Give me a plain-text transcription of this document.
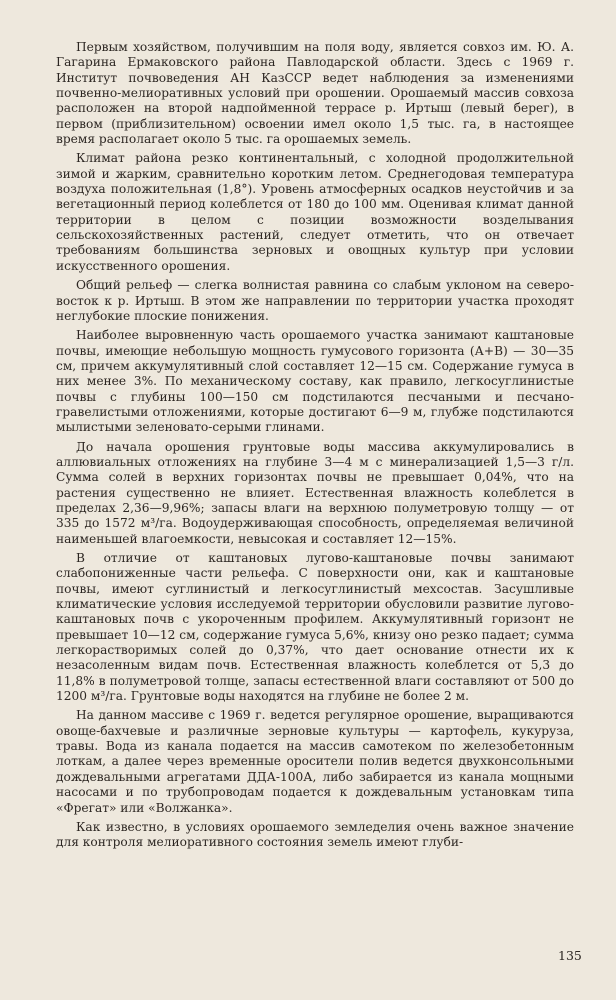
Первым хозяйством, получившим на поля воду, является совхоз им. Ю. А. Гагарина Ермаковского района Павлодарской области. Здесь с 1969 г. Институт почвоведения АН КазССР ведет наблюдения за изменениями почвенно-мелиоративных условий при орошении. Орошаемый массив совхоза расположен на второй надпойменной террасе р. Иртыш (левый берег), в первом (приблизительном) освоении имел около 1,5 тыс. га, в настоящее время располагает около 5 тыс. га орошаемых земель.

Климат района резко континентальный, с холодной продолжительной зимой и жарким, сравнительно коротким летом. Среднегодовая температура воздуха положительная (1,8°). Уровень атмосферных осадков неустойчив и за вегетационный период колеблется от 180 до 100 мм. Оценивая климат данной территории в целом с позиции возможности возделывания сельскохозяйственных растений, следует отметить, что он отвечает требованиям большинства зерновых и овощных культур при условии искусственного орошения.

Общий рельеф — слегка волнистая равнина со слабым уклоном на северо-восток к р. Иртыш. В этом же направлении по территории участка проходят неглубокие плоские понижения.

Наиболее выровненную часть орошаемого участка занимают каштановые почвы, имеющие небольшую мощность гумусового горизонта (А+В) — 30—35 см, причем аккумулятивный слой составляет 12—15 см. Содержание гумуса в них менее 3%. По механическому составу, как правило, легкосуглинистые почвы с глубины 100—150 см подстилаются песчаными и песчано-гравелистыми отложениями, которые достигают 6—9 м, глубже подстилаются мылистыми зеленовато-серыми глинами.

До начала орошения грунтовые воды массива аккумулировались в аллювиальных отложениях на глубине 3—4 м с минерализацией 1,5—3 г/л. Сумма солей в верхних горизонтах почвы не превышает 0,04%, что на растения существенно не влияет. Естественная влажность колеблется в пределах 2,36—9,96%; запасы влаги на верхнюю полуметровую толщу — от 335 до 1572 м³/га. Водоудерживающая способность, определяемая величиной наименьшей влагоемкости, невысокая и составляет 12—15%.

В отличие от каштановых лугово-каштановые почвы занимают слабопониженные части рельефа. С поверхности они, как и каштановые почвы, имеют суглинистый и легкосуглинистый мехсостав. Засушливые климатические условия исследуемой территории обусловили развитие лугово-каштановых почв с укороченным профилем. Аккумулятивный горизонт не превышает 10—12 см, содержание гумуса 5,6%, книзу оно резко падает; сумма легкорастворимых солей до 0,37%, что дает основание отнести их к незасоленным видам почв. Естественная влажность колеблется от 5,3 до 11,8% в полуметровой толще, запасы естественной влаги составляют от 500 до 1200 м³/га. Грунтовые воды находятся на глубине не более 2 м.

На данном массиве с 1969 г. ведется регулярное орошение, выращиваются овоще-бахчевые и различные зерновые культуры — картофель, кукуруза, травы. Вода из канала подается на массив самотеком по железобетонным лоткам, а далее через временные оросители полив ведется двухконсольными дождевальными агрегатами ДДА-100А, либо забирается из канала мощными насосами и по трубопроводам подается к дождевальным установкам типа «Фрегат» или «Волжанка».

Как известно, в условиях орошаемого земледелия очень важное значение для контроля мелиоративного состояния земель имеют глуби-

135
